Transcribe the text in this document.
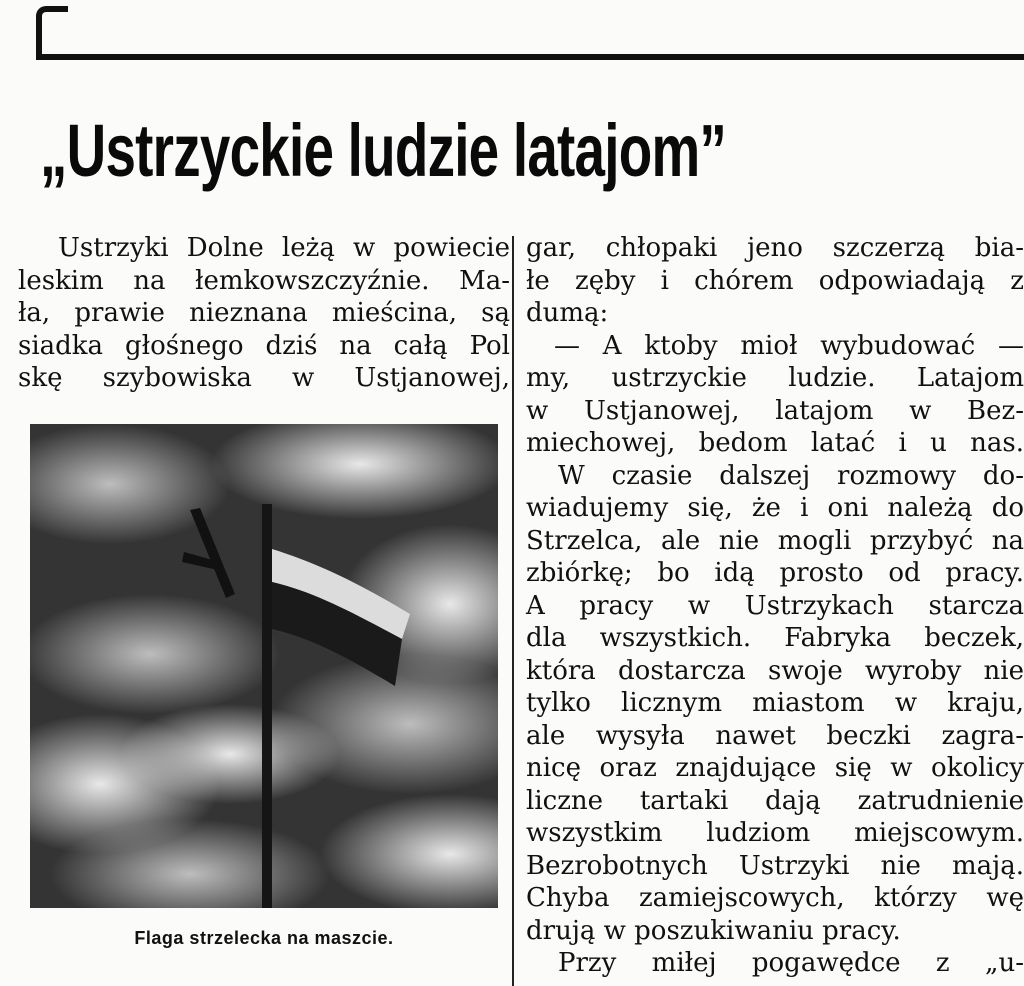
„Ustrzyckie ludzie latajom”
Ustrzyki Dolne leżą w powiecie
leskim na łemkowszczyźnie. Ma-
ła, prawie nieznana mieścina, są
siadka głośnego dziś na całą Pol
skę szybowiska w Ustjanowej,
Flaga strzelecka na maszcie.
gar, chłopaki jeno szczerzą bia-
łe zęby i chórem odpowiadają z
dumą:
— A ktoby mioł wybudować —
my, ustrzyckie ludzie. Latajom
w Ustjanowej, latajom w Bez-
miechowej, bedom latać i u nas.
W czasie dalszej rozmowy do-
wiadujemy się, że i oni należą do
Strzelca, ale nie mogli przybyć na
zbiórkę; bo idą prosto od pracy.
A pracy w Ustrzykach starcza
dla wszystkich. Fabryka beczek,
która dostarcza swoje wyroby nie
tylko licznym miastom w kraju,
ale wysyła nawet beczki zagra-
nicę oraz znajdujące się w okolicy
liczne tartaki dają zatrudnienie
wszystkim ludziom miejscowym.
Bezrobotnych Ustrzyki nie mają.
Chyba zamiejscowych, którzy wę
drują w poszukiwaniu pracy.
Przy miłej pogawędce z „u-
